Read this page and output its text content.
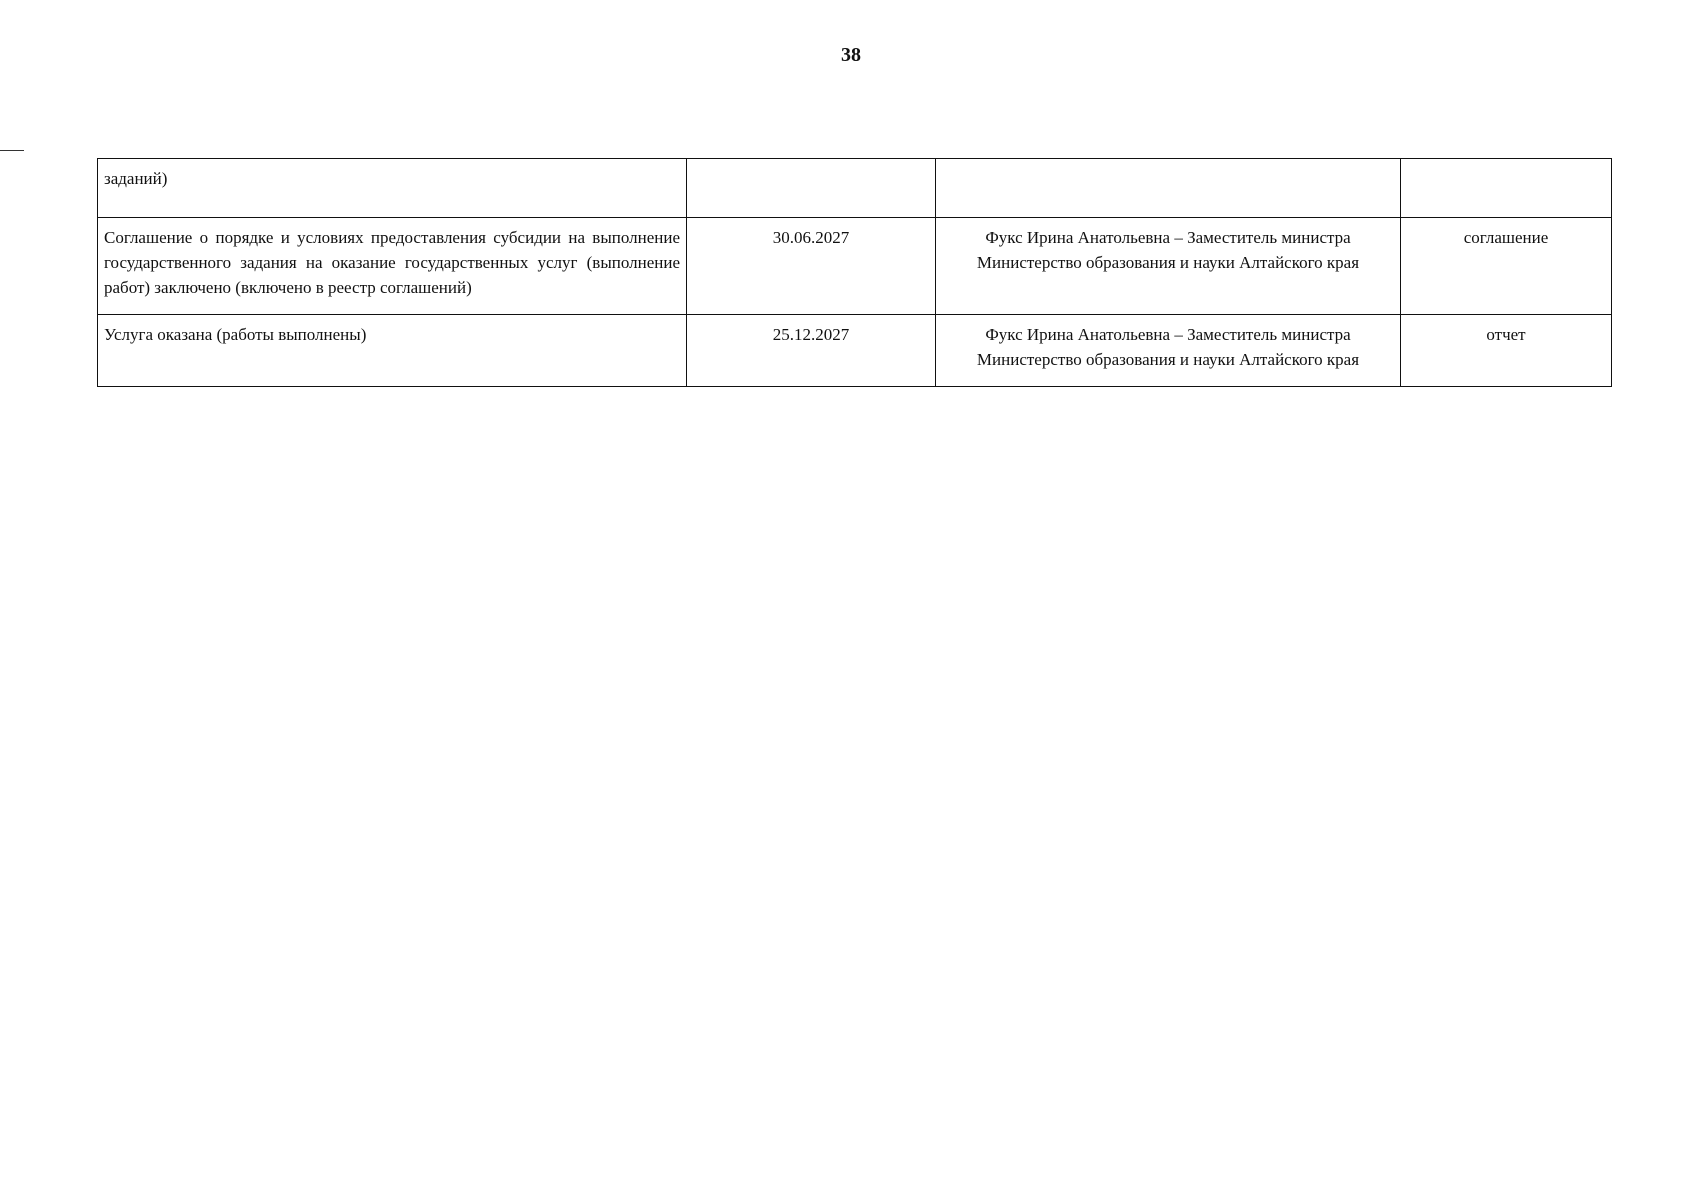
38
заданий)		

Соглашение о порядке и условиях предоставления субсидии на выполнение государственного задания на оказание государственных услуг (выполнение работ) заключено (включено в реестр соглашений)	30.06.2027	Фукс Ирина Анатольевна – Заместитель министра
Министерство образования и науки Алтайского края	соглашение
Услуга оказана (работы выполнены)	25.12.2027	Фукс Ирина Анатольевна – Заместитель министра
Министерство образования и науки Алтайского края	отчет
